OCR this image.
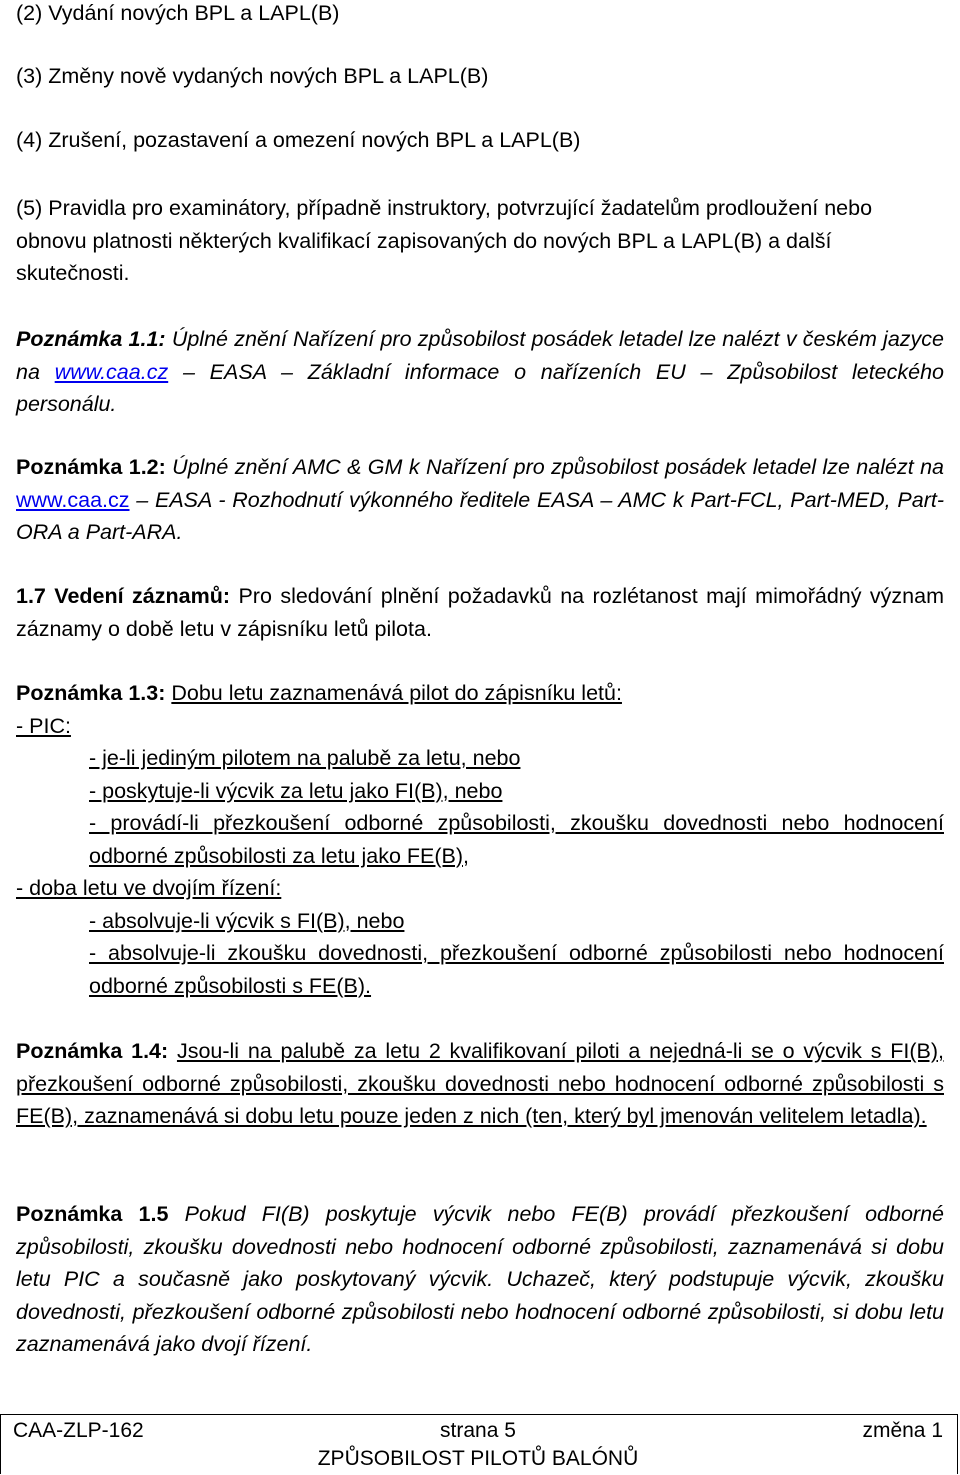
(2) Vydání nových BPL a LAPL(B)

(3) Změny nově vydaných nových BPL a LAPL(B)

(4) Zrušení, pozastavení a omezení nových BPL a LAPL(B)

(5) Pravidla pro examinátory, případně instruktory, potvrzující žadatelům prodloužení nebo obnovu platnosti některých kvalifikací zapisovaných do nových BPL a LAPL(B) a další skutečnosti.

Poznámka 1.1: Úplné znění Nařízení pro způsobilost posádek letadel lze nalézt v českém jazyce na www.caa.cz – EASA – Základní informace o nařízeních EU – Způsobilost leteckého personálu.

Poznámka 1.2: Úplné znění AMC & GM k Nařízení pro způsobilost posádek letadel lze nalézt na www.caa.cz – EASA - Rozhodnutí výkonného ředitele EASA – AMC k Part-FCL, Part-MED, Part-ORA a Part-ARA.

1.7 Vedení záznamů: Pro sledování plnění požadavků na rozlétanost mají mimořádný význam záznamy o době letu v zápisníku letů pilota.

Poznámka 1.3: Dobu letu zaznamenává pilot do zápisníku letů:

- PIC:

- je-li jediným pilotem na palubě za letu, nebo

- poskytuje-li výcvik za letu jako FI(B), nebo

- provádí-li přezkoušení odborné způsobilosti, zkoušku dovednosti nebo hodnocení odborné způsobilosti za letu jako FE(B),

- doba letu ve dvojím řízení:

- absolvuje-li výcvik s FI(B), nebo

- absolvuje-li zkoušku dovednosti, přezkoušení odborné způsobilosti nebo hodnocení odborné způsobilosti s FE(B).

Poznámka 1.4: Jsou-li na palubě za letu 2 kvalifikovaní piloti a nejedná-li se o výcvik s FI(B), přezkoušení odborné způsobilosti, zkoušku dovednosti nebo hodnocení odborné způsobilosti s FE(B), zaznamenává si dobu letu pouze jeden z nich (ten, který byl jmenován velitelem letadla).

Poznámka 1.5 Pokud FI(B) poskytuje výcvik nebo FE(B) provádí přezkoušení odborné způsobilosti, zkoušku dovednosti nebo hodnocení odborné způsobilosti, zaznamenává si dobu letu PIC a současně jako poskytovaný výcvik. Uchazeč, který podstupuje výcvik, zkoušku dovednosti, přezkoušení odborné způsobilosti nebo hodnocení odborné způsobilosti, si dobu letu zaznamenává jako dvojí řízení.

CAA-ZLP-162	strana 5	změna 1
ZPŮSOBILOST PILOTŮ BALÓNŮ
